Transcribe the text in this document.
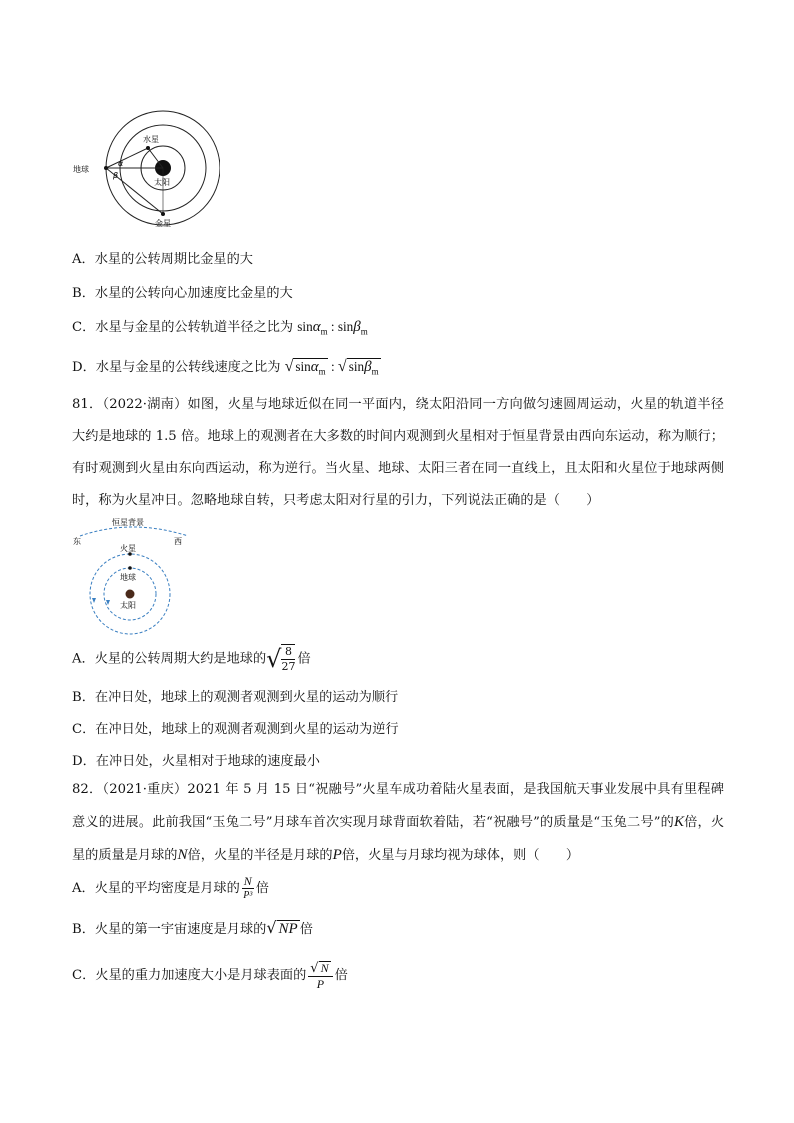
地球
水星
金星
太阳
α
β
A．水星的公转周期比金星的大
B．水星的公转向心加速度比金星的大
C．水星与金星的公转轨道半径之比为 sinα$_m$ : sinβ$_m$
D．水星与金星的公转线速度之比为 √ sinα$_m$ : √ sinβ$_m$
81．（2022·湖南）如图，火星与地球近似在同一平面内，绕太阳沿同一方向做匀速圆周运动，火星的轨道半径大约是地球的 1.5 倍。地球上的观测者在大多数的时间内观测到火星相对于恒星背景由西向东运动，称为顺行；有时观测到火星由东向西运动，称为逆行。当火星、地球、太阳三者在同一直线上，且太阳和火星位于地球两侧时，称为火星冲日。忽略地球自转，只考虑太阳对行星的引力，下列说法正确的是（　　）
恒星背景
东	西
火星
地球
太阳
A．火星的公转周期大约是地球的√ $\frac{8}{27}$ 倍
B．在冲日处，地球上的观测者观测到火星的运动为顺行
C．在冲日处，地球上的观测者观测到火星的运动为逆行
D．在冲日处，火星相对于地球的速度最小
82．（2021·重庆）2021 年 5 月 15 日“祝融号”火星车成功着陆火星表面，是我国航天事业发展中具有里程碑意义的进展。此前我国“玉兔二号”月球车首次实现月球背面软着陆，若“祝融号”的质量是“玉兔二号”的K倍，火星的质量是月球的N倍，火星的半径是月球的P倍，火星与月球均视为球体，则（　　）
A．火星的平均密度是月球的 $\frac{N}{\text{P³}}$ 倍
B．火星的第一宇宙速度是月球的√ NP 倍
C．火星的重力加速度大小是月球表面的 $\frac{√ N}{P}$ 倍
